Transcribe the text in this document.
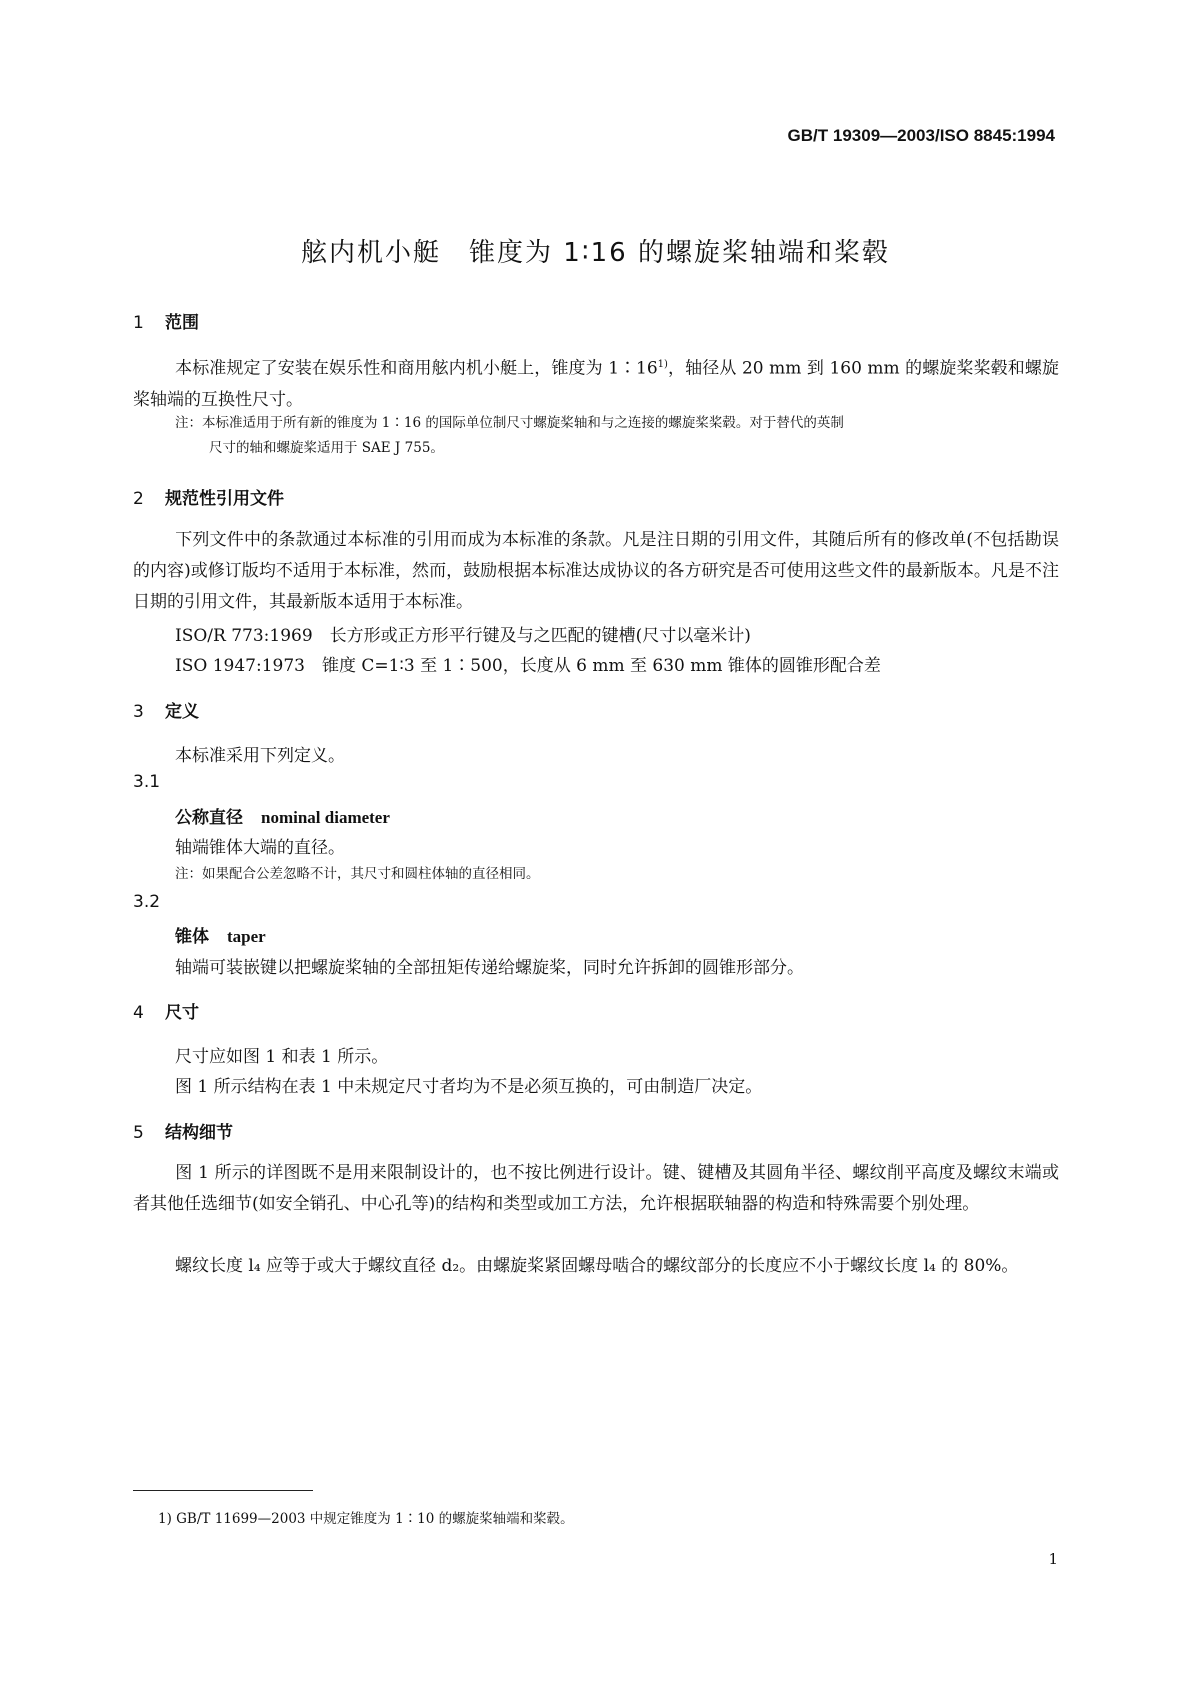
GB/T 19309—2003/ISO 8845:1994
舷内机小艇　锥度为 1∶16 的螺旋桨轴端和桨毂
1 范围
本标准规定了安装在娱乐性和商用舷内机小艇上，锥度为 1∶16$^{1)}$，轴径从 20 mm 到 160 mm 的螺旋桨桨毂和螺旋桨轴端的互换性尺寸。
注：本标准适用于所有新的锥度为 1∶16 的国际单位制尺寸螺旋桨轴和与之连接的螺旋桨桨毂。对于替代的英制
尺寸的轴和螺旋桨适用于 SAE J 755。
2 规范性引用文件
下列文件中的条款通过本标准的引用而成为本标准的条款。凡是注日期的引用文件，其随后所有的修改单(不包括勘误的内容)或修订版均不适用于本标准，然而，鼓励根据本标准达成协议的各方研究是否可使用这些文件的最新版本。凡是不注日期的引用文件，其最新版本适用于本标准。
ISO/R 773:1969　长方形或正方形平行键及与之匹配的键槽(尺寸以毫米计)
ISO 1947:1973　锥度 C=1∶3 至 1∶500，长度从 6 mm 至 630 mm 锥体的圆锥形配合差
3 定义
本标准采用下列定义。
3.1
公称直径 nominal diameter
轴端锥体大端的直径。
注：如果配合公差忽略不计，其尺寸和圆柱体轴的直径相同。
3.2
锥体 taper
轴端可装嵌键以把螺旋桨轴的全部扭矩传递给螺旋桨，同时允许拆卸的圆锥形部分。
4 尺寸
尺寸应如图 1 和表 1 所示。
图 1 所示结构在表 1 中未规定尺寸者均为不是必须互换的，可由制造厂决定。
5 结构细节
图 1 所示的详图既不是用来限制设计的，也不按比例进行设计。键、键槽及其圆角半径、螺纹削平高度及螺纹末端或者其他任选细节(如安全销孔、中心孔等)的结构和类型或加工方法，允许根据联轴器的构造和特殊需要个别处理。
螺纹长度 l₄ 应等于或大于螺纹直径 d₂。由螺旋桨紧固螺母啮合的螺纹部分的长度应不小于螺纹长度 l₄ 的 80%。
1) GB/T 11699—2003 中规定锥度为 1∶10 的螺旋桨轴端和桨毂。
1
